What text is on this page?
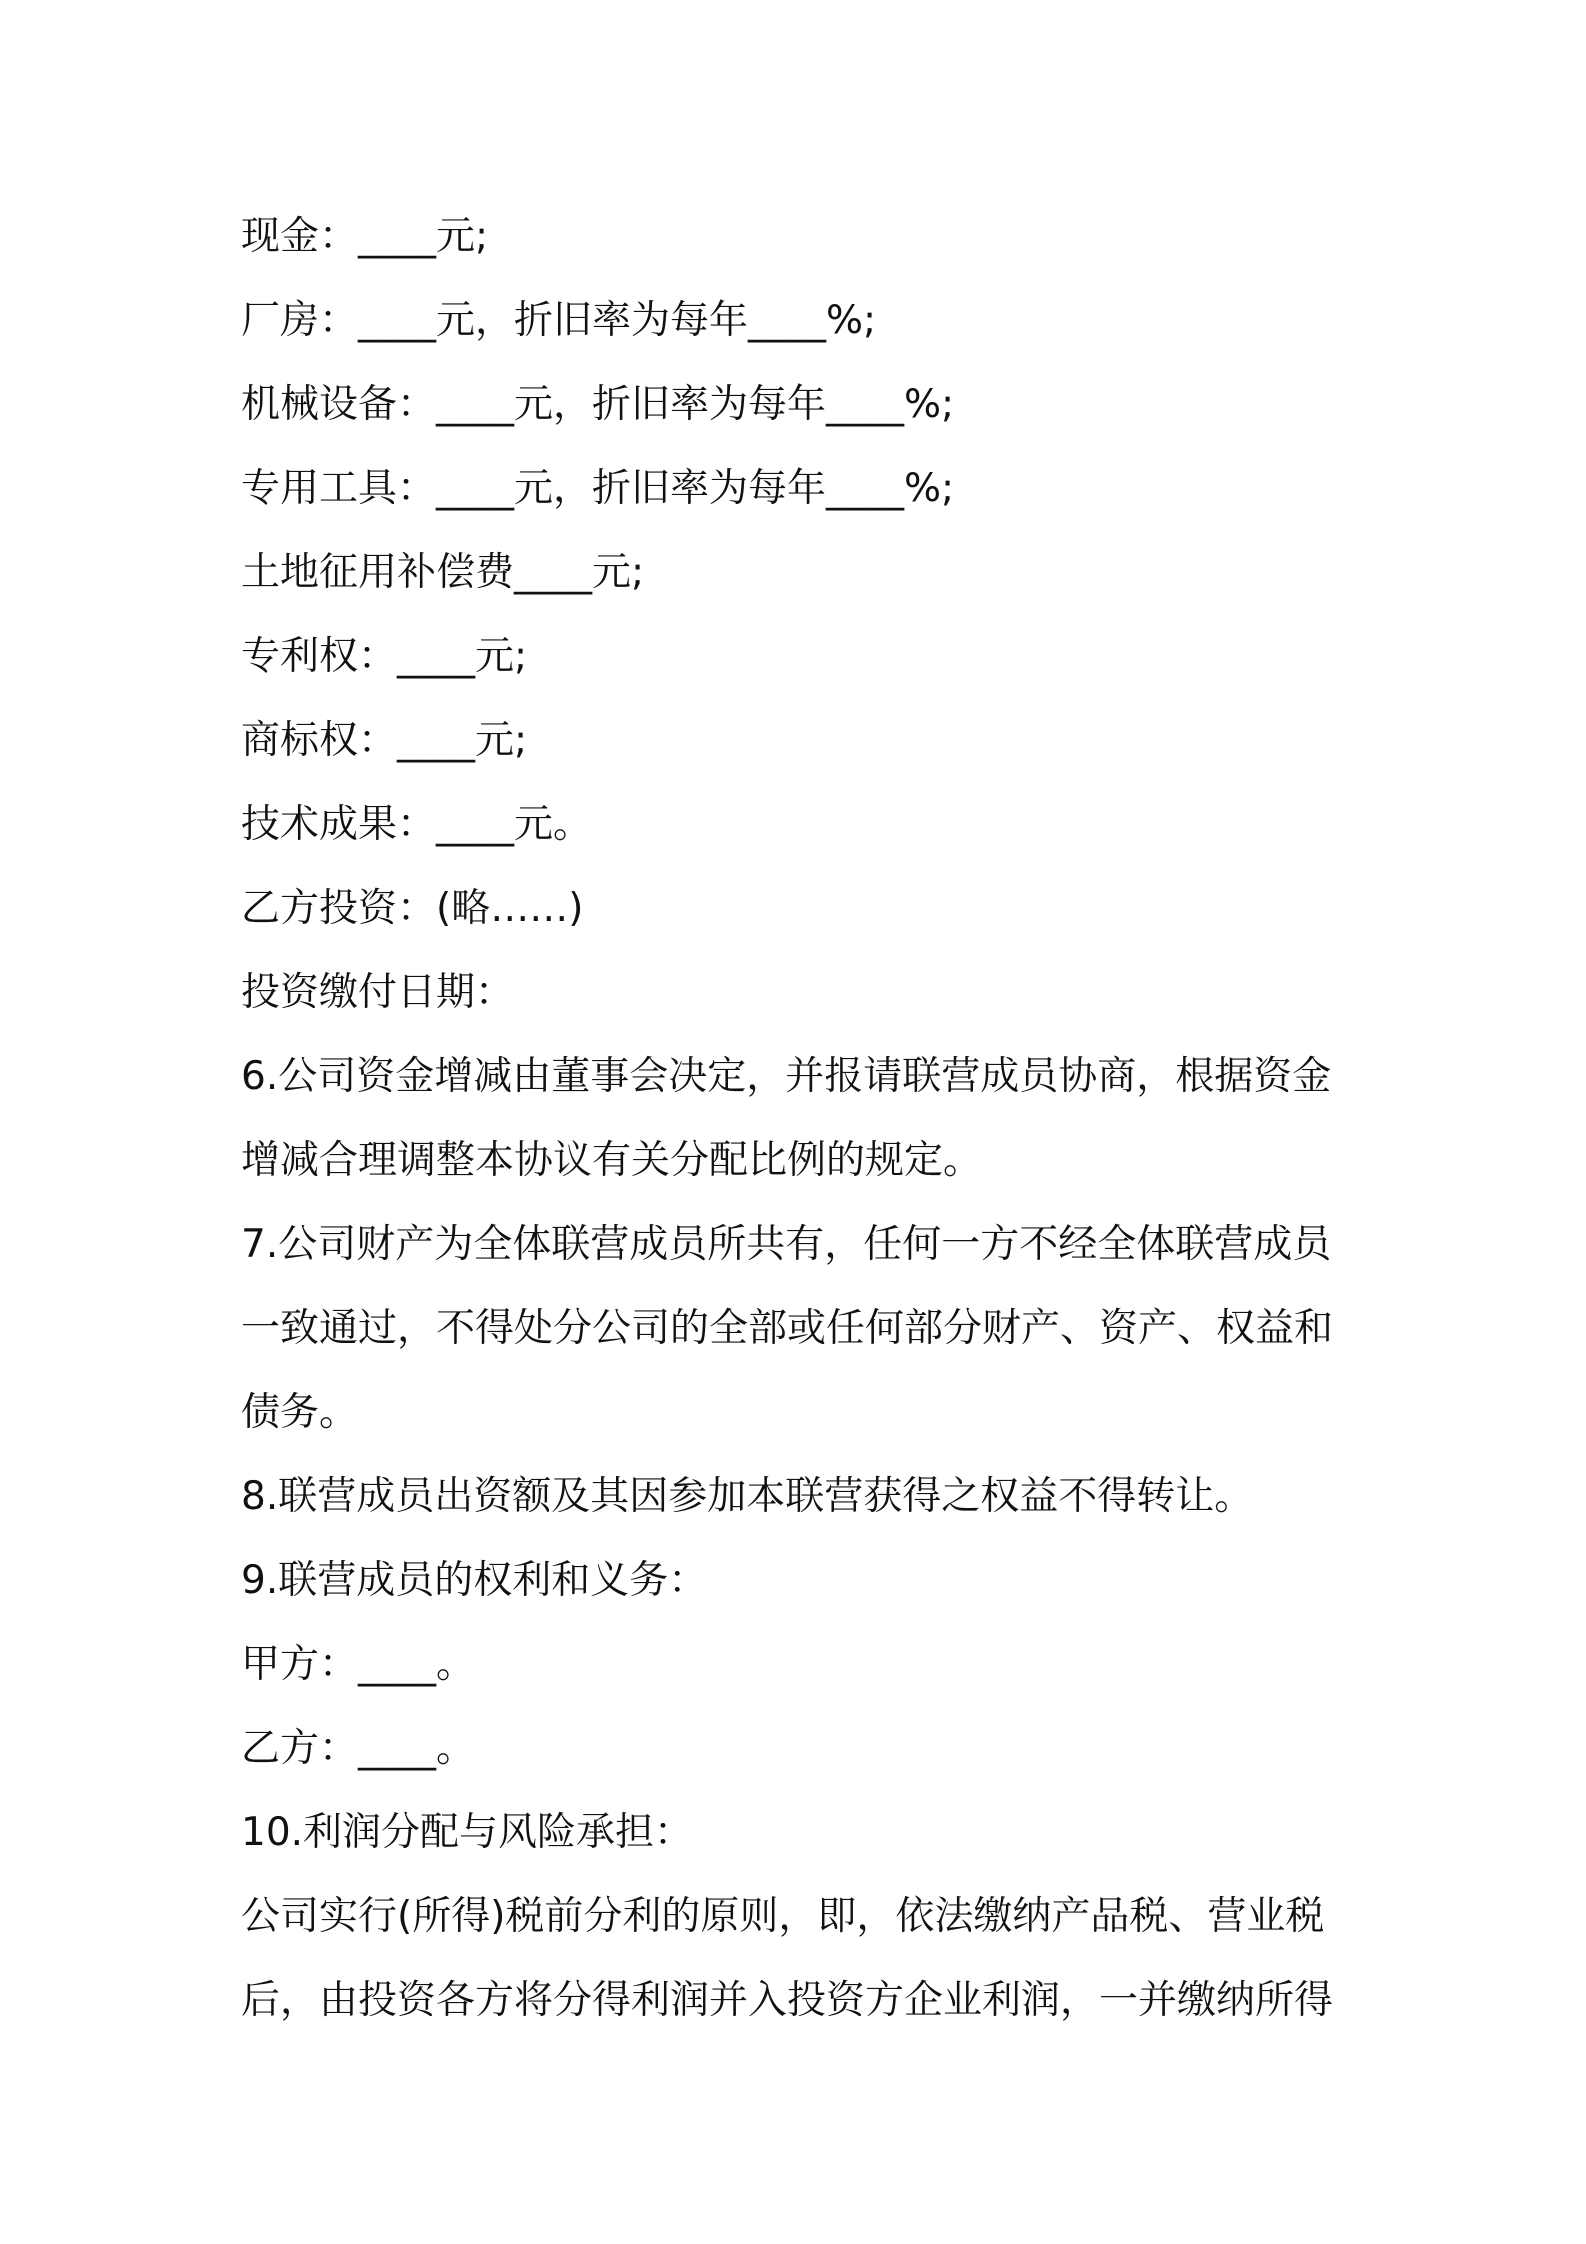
现金：____元;
厂房：____元，折旧率为每年____%;
机械设备：____元，折旧率为每年____%;
专用工具：____元，折旧率为每年____%;
土地征用补偿费____元;
专利权：____元;
商标权：____元;
技术成果：____元。
乙方投资：(略……)
投资缴付日期：
6.公司资金增减由董事会决定，并报请联营成员协商，根据资金
增减合理调整本协议有关分配比例的规定。
7.公司财产为全体联营成员所共有，任何一方不经全体联营成员
一致通过，不得处分公司的全部或任何部分财产、资产、权益和
债务。
8.联营成员出资额及其因参加本联营获得之权益不得转让。
9.联营成员的权利和义务：
甲方：____。
乙方：____。
10.利润分配与风险承担：
公司实行(所得)税前分利的原则，即，依法缴纳产品税、营业税
后，由投资各方将分得利润并入投资方企业利润，一并缴纳所得
